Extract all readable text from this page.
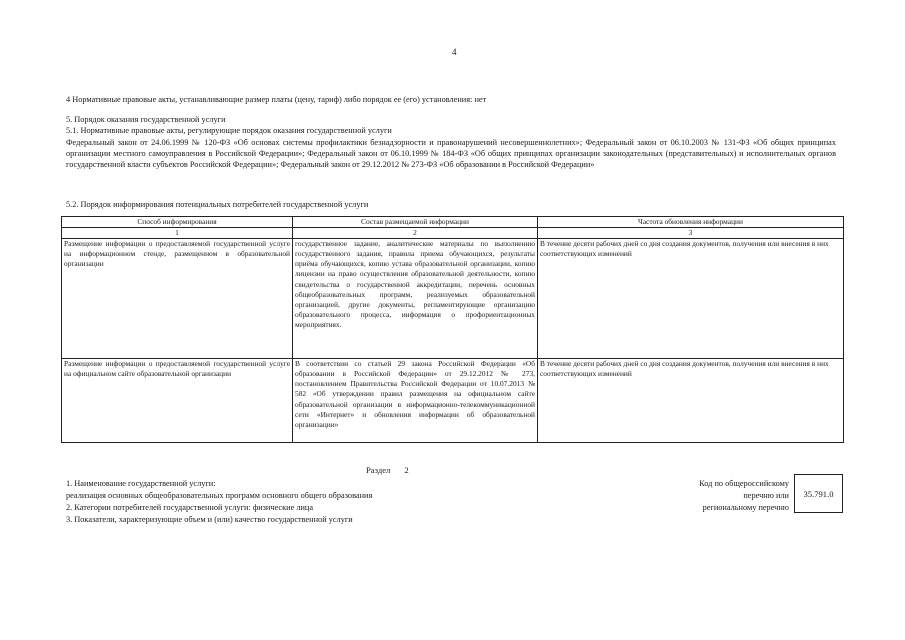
4
4 Нормативные правовые акты, устанавливающие размер платы (цену, тариф) либо порядок ее (его) установления: нет
5. Порядок оказания государственной услуги
5.1. Нормативные правовые акты, регулирующие порядок оказания государственной услуги
Федеральный закон от 24.06.1999 № 120-ФЗ «Об основах системы профилактики безнадзорности и правонарушений несовершеннолетних»; Федеральный закон от 06.10.2003 № 131-ФЗ «Об общих принципах организации местного самоуправления в Российской Федерации»; Федеральный закон от 06.10.1999 № 184-ФЗ «Об общих принципах организации законодательных (представительных) и исполнительных органов государственной власти субъектов Российской Федерации»; Федеральный закон от 29.12.2012 № 273-ФЗ «Об образовании в Российской Федерации»
5.2. Порядок информирования потенциальных потребителей государственной услуги
Способ информирования	Состав размещаемой информации	Частота обновления информации
1	2	3
Размещение информации о предоставляемой государственной услуге на информационном стенде, размещенном в образовательной организации	государственное задание, аналитические материалы по выполнению государственного задания, правила приема обучающихся, результаты приёма обучающихся, копию устава образовательной организации, копию лицензии на право осуществления образовательной деятельности, копию свидетельства о государственной аккредитации, перечень основных общеобразовательных программ, реализуемых образовательной организацией, другие документы, регламентирующие организацию образовательного процесса, информация о профориентационных мероприятиях.	В течение десяти рабочих дней со дня создания документов, получения или внесения в них соответствующих изменений
Размещение информации о предоставляемой государственной услуге на официальном сайте образовательной организации	В соответствии со статьей 29 закона Российской Федерации «Об образовании в Российской Федерации» от 29.12.2012 № 273, постановлением Правительства Российской Федерации от 10.07.2013 № 582 «Об утверждении правил размещения на официальном сайте образовательной организации в информационно-телекоммуникационной сети «Интернет» и обновления информации об образовательной организации»	В течение десяти рабочих дней со дня создания документов, получения или внесения в них соответствующих изменений
Раздел 2
1. Наименование государственной услуги:
реализация основных общеобразовательных программ основного общего образования
2. Категории потребителей государственной услуги: физические лица
3. Показатели, характеризующие объем и (или) качество государственной услуги
Код по общероссийскому
перечню или
региональному перечню
35.791.0
